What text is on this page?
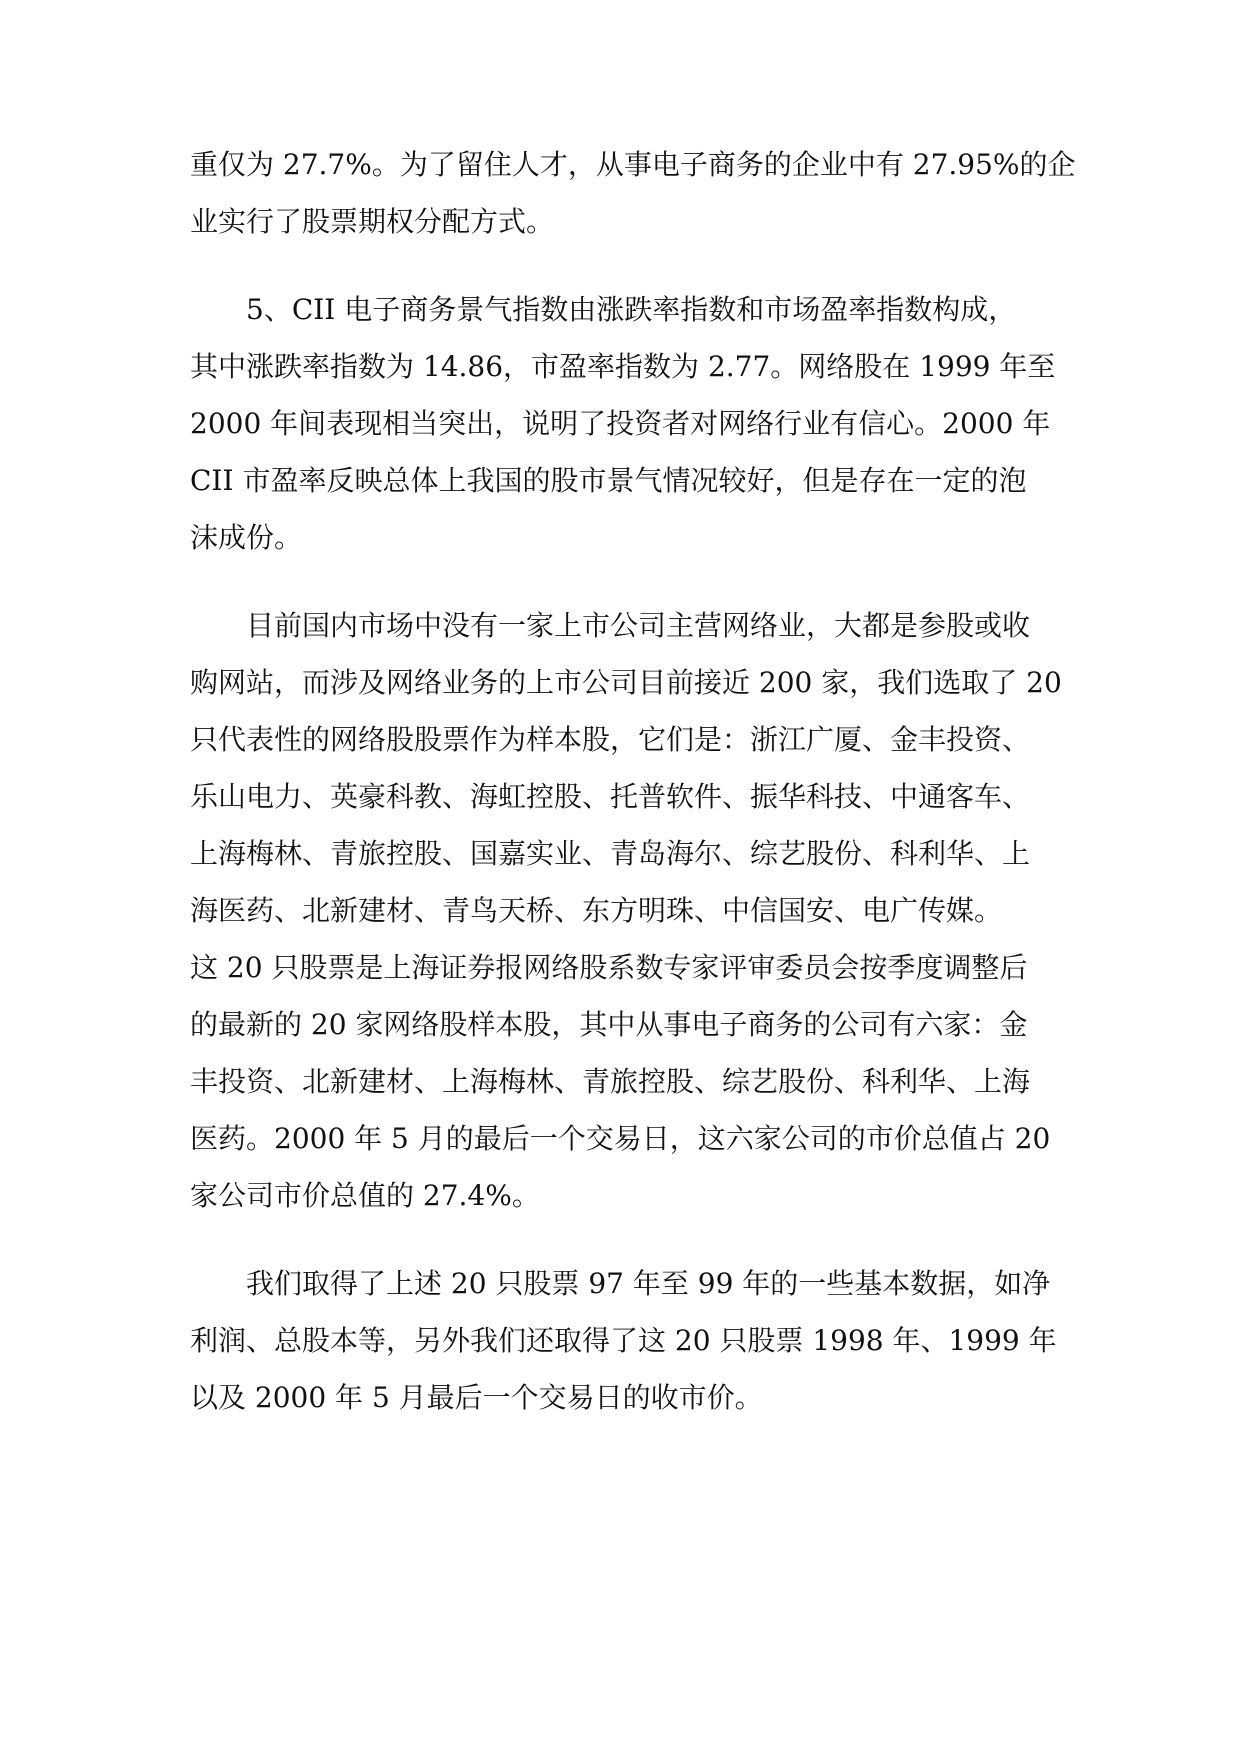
重仅为 27.7%。为了留住人才，从事电子商务的企业中有 27.95%的企
业实行了股票期权分配方式。
5、CII 电子商务景气指数由涨跌率指数和市场盈率指数构成，
其中涨跌率指数为 14.86，市盈率指数为 2.77。网络股在 1999 年至
2000 年间表现相当突出，说明了投资者对网络行业有信心。2000 年
CII 市盈率反映总体上我国的股市景气情况较好，但是存在一定的泡
沫成份。
目前国内市场中没有一家上市公司主营网络业，大都是参股或收
购网站，而涉及网络业务的上市公司目前接近 200 家，我们选取了 20
只代表性的网络股股票作为样本股，它们是：浙江广厦、金丰投资、
乐山电力、英豪科教、海虹控股、托普软件、振华科技、中通客车、
上海梅林、青旅控股、国嘉实业、青岛海尔、综艺股份、科利华、上
海医药、北新建材、青鸟天桥、东方明珠、中信国安、电广传媒。
这 20 只股票是上海证券报网络股系数专家评审委员会按季度调整后
的最新的 20 家网络股样本股，其中从事电子商务的公司有六家：金
丰投资、北新建材、上海梅林、青旅控股、综艺股份、科利华、上海
医药。2000 年 5 月的最后一个交易日，这六家公司的市价总值占 20
家公司市价总值的 27.4%。
我们取得了上述 20 只股票 97 年至 99 年的一些基本数据，如净
利润、总股本等，另外我们还取得了这 20 只股票 1998 年、1999 年
以及 2000 年 5 月最后一个交易日的收市价。
